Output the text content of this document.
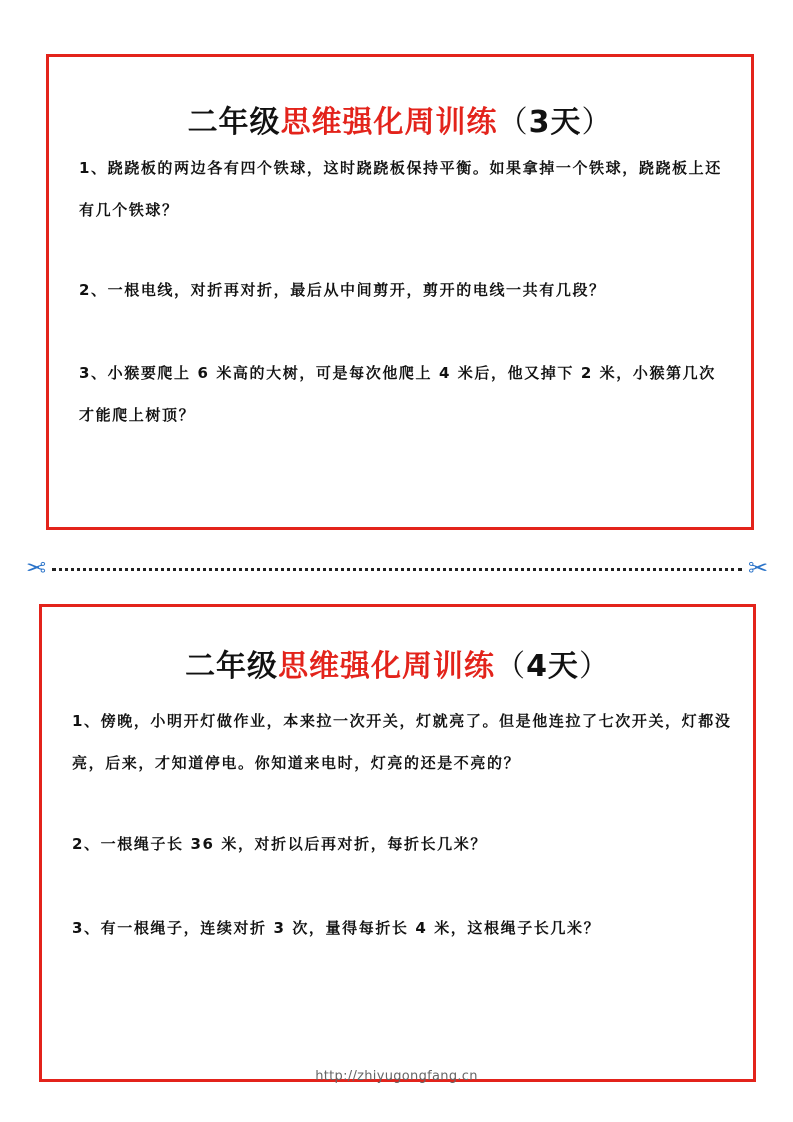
二年级思维强化周训练（3天）

1、跷跷板的两边各有四个铁球，这时跷跷板保持平衡。如果拿掉一个铁球，跷跷板上还有几个铁球？

2、一根电线，对折再对折，最后从中间剪开，剪开的电线一共有几段？

3、小猴要爬上 6 米高的大树，可是每次他爬上 4 米后，他又掉下 2 米，小猴第几次才能爬上树顶？

✂	✂
二年级思维强化周训练（4天）

1、傍晚，小明开灯做作业，本来拉一次开关，灯就亮了。但是他连拉了七次开关，灯都没亮，后来，才知道停电。你知道来电时，灯亮的还是不亮的？

2、一根绳子长 36 米，对折以后再对折，每折长几米？

3、有一根绳子，连续对折 3 次，量得每折长 4 米，这根绳子长几米？

http://zhiyugongfang.cn
